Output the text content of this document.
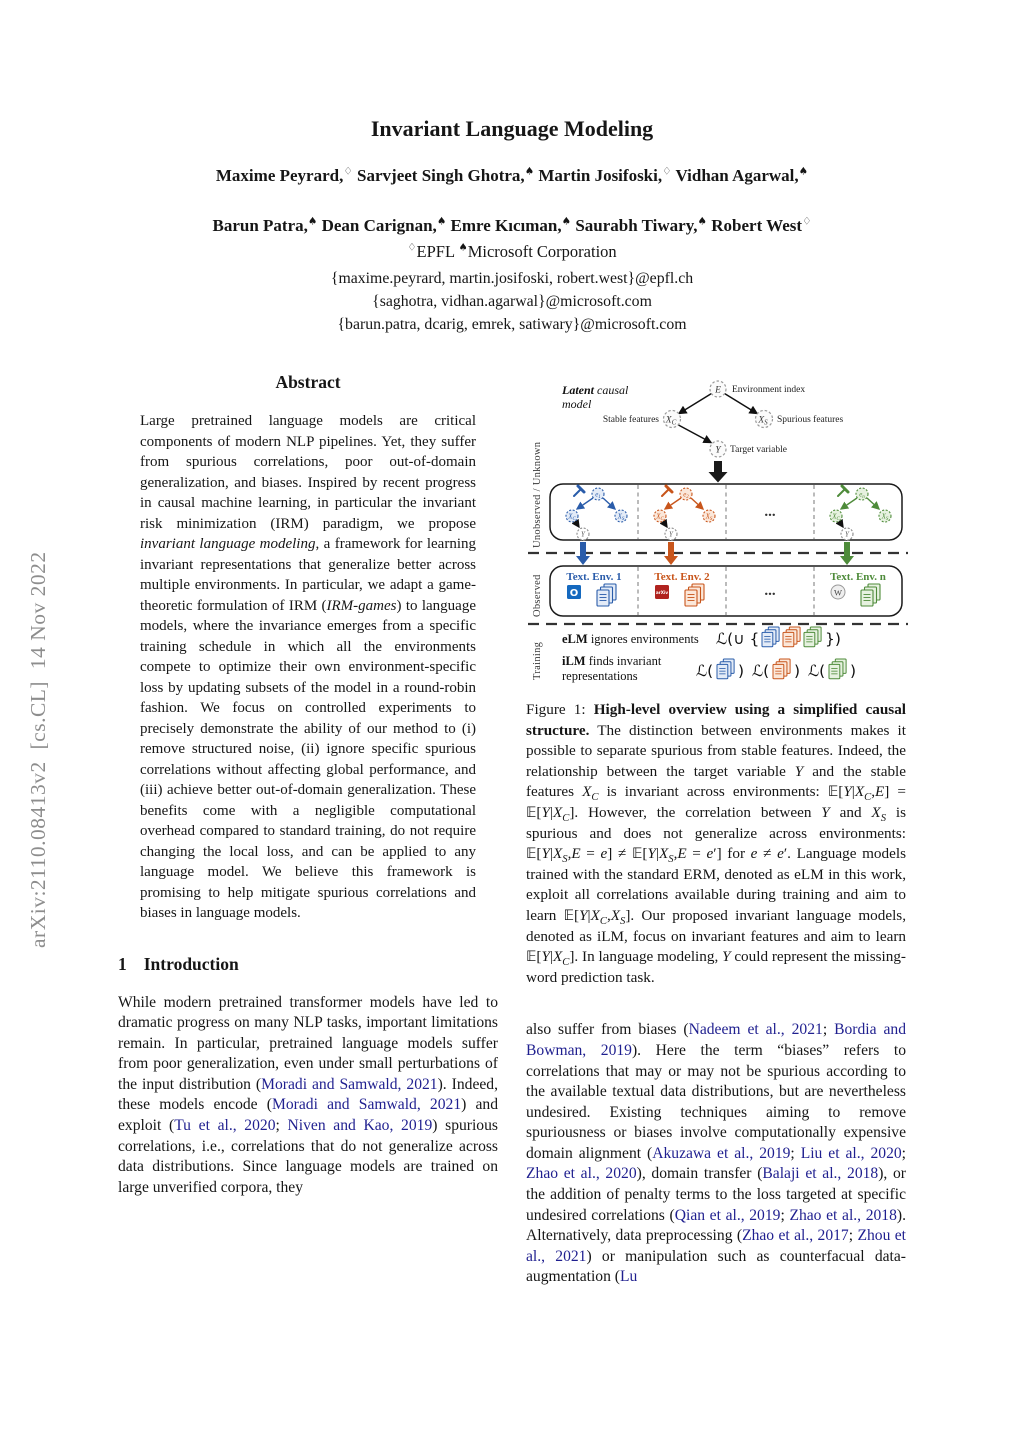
arXiv:2110.08413v2  [cs.CL]  14 Nov 2022
Invariant Language Modeling
Maxime Peyrard,♢ Sarvjeet Singh Ghotra,♠ Martin Josifoski,♢ Vidhan Agarwal,♠
Barun Patra,♠ Dean Carignan,♠ Emre Kıcıman,♠ Saurabh Tiwary,♠ Robert West♢
♢EPFL ♠Microsoft Corporation
{maxime.peyrard, martin.josifoski, robert.west}@epfl.ch
{saghotra, vidhan.agarwal}@microsoft.com
{barun.patra, dcarig, emrek, satiwary}@microsoft.com
Abstract

Large pretrained language models are critical components of modern NLP pipelines. Yet, they suffer from spurious correlations, poor out-of-domain generalization, and biases. Inspired by recent progress in causal machine learning, in particular the invariant risk minimization (IRM) paradigm, we propose invariant language modeling, a framework for learning invariant representations that generalize better across multiple environments. In particular, we adapt a game-theoretic formulation of IRM (IRM-games) to language models, where the invariance emerges from a specific training schedule in which all the environments compete to optimize their own environment-specific loss by updating subsets of the model in a round-robin fashion. We focus on controlled experiments to precisely demonstrate the ability of our method to (i) remove structured noise, (ii) ignore specific spurious correlations without affecting global performance, and (iii) achieve better out-of-domain generalization. These benefits come with a negligible computational overhead compared to standard training, do not require changing the local loss, and can be applied to any language model. We believe this framework is promising to help mitigate spurious correlations and biases in language models.

1 Introduction

While modern pretrained transformer models have led to dramatic progress on many NLP tasks, important limitations remain. In particular, pretrained language models suffer from poor generalization, even under small perturbations of the input distribution (Moradi and Samwald, 2021). Indeed, these models encode (Moradi and Samwald, 2021) and exploit (Tu et al., 2020; Niven and Kao, 2019) spurious correlations, i.e., correlations that do not generalize across data distributions. Since language models are trained on large unverified corpora, they

Unobserved / Unknown
Observed
Training
Latent causal
model
E
$X_C$	$X_S$
Y
Environment index
Stable features	Spurious features
Target variable
...
$e_1$
$X_C$	$X_S$
Y
$e_2$
$X_C$	$X_S$
Y
$e_n$
$X_C$	$X_S$
Y
Text. Env. 1	Text. Env. 2	Text. Env. n
...
O	arXiv	W
eLM ignores environments
iLM finds invariant
representations
ℒ(∪ {	})
ℒ( ) ℒ( ) ℒ( )

Figure 1: High-level overview using a simplified causal structure. The distinction between environments makes it possible to separate spurious from stable features. Indeed, the relationship between the target variable Y and the stable features $X_C$ is invariant across environments: $𝔼[Y|X_C,E]$ = $𝔼[Y|X_C]$. However, the correlation between Y and $X_S$ is spurious and does not generalize across environments: $𝔼[Y|X_S,E = e]$ ≠ $𝔼[Y|X_S,E = e']$ for e ≠ e′. Language models trained with the standard ERM, denoted as eLM in this work, exploit all correlations available during training and aim to learn $𝔼[Y|X_C,X_S]$. Our proposed invariant language models, denoted as iLM, focus on invariant features and aim to learn $𝔼[Y|X_C]$. In language modeling, Y could represent the missing-word prediction task.

also suffer from biases (Nadeem et al., 2021; Bordia and Bowman, 2019). Here the term “biases” refers to correlations that may or may not be spurious according to the available textual data distributions, but are nevertheless undesired. Existing techniques aiming to remove spuriousness or biases involve computationally expensive domain alignment (Akuzawa et al., 2019; Liu et al., 2020; Zhao et al., 2020), domain transfer (Balaji et al., 2018), or the addition of penalty terms to the loss targeted at specific undesired correlations (Qian et al., 2019; Zhao et al., 2018). Alternatively, data preprocessing (Zhao et al., 2017; Zhou et al., 2021) or manipulation such as counterfacual data-augmentation (Lu
